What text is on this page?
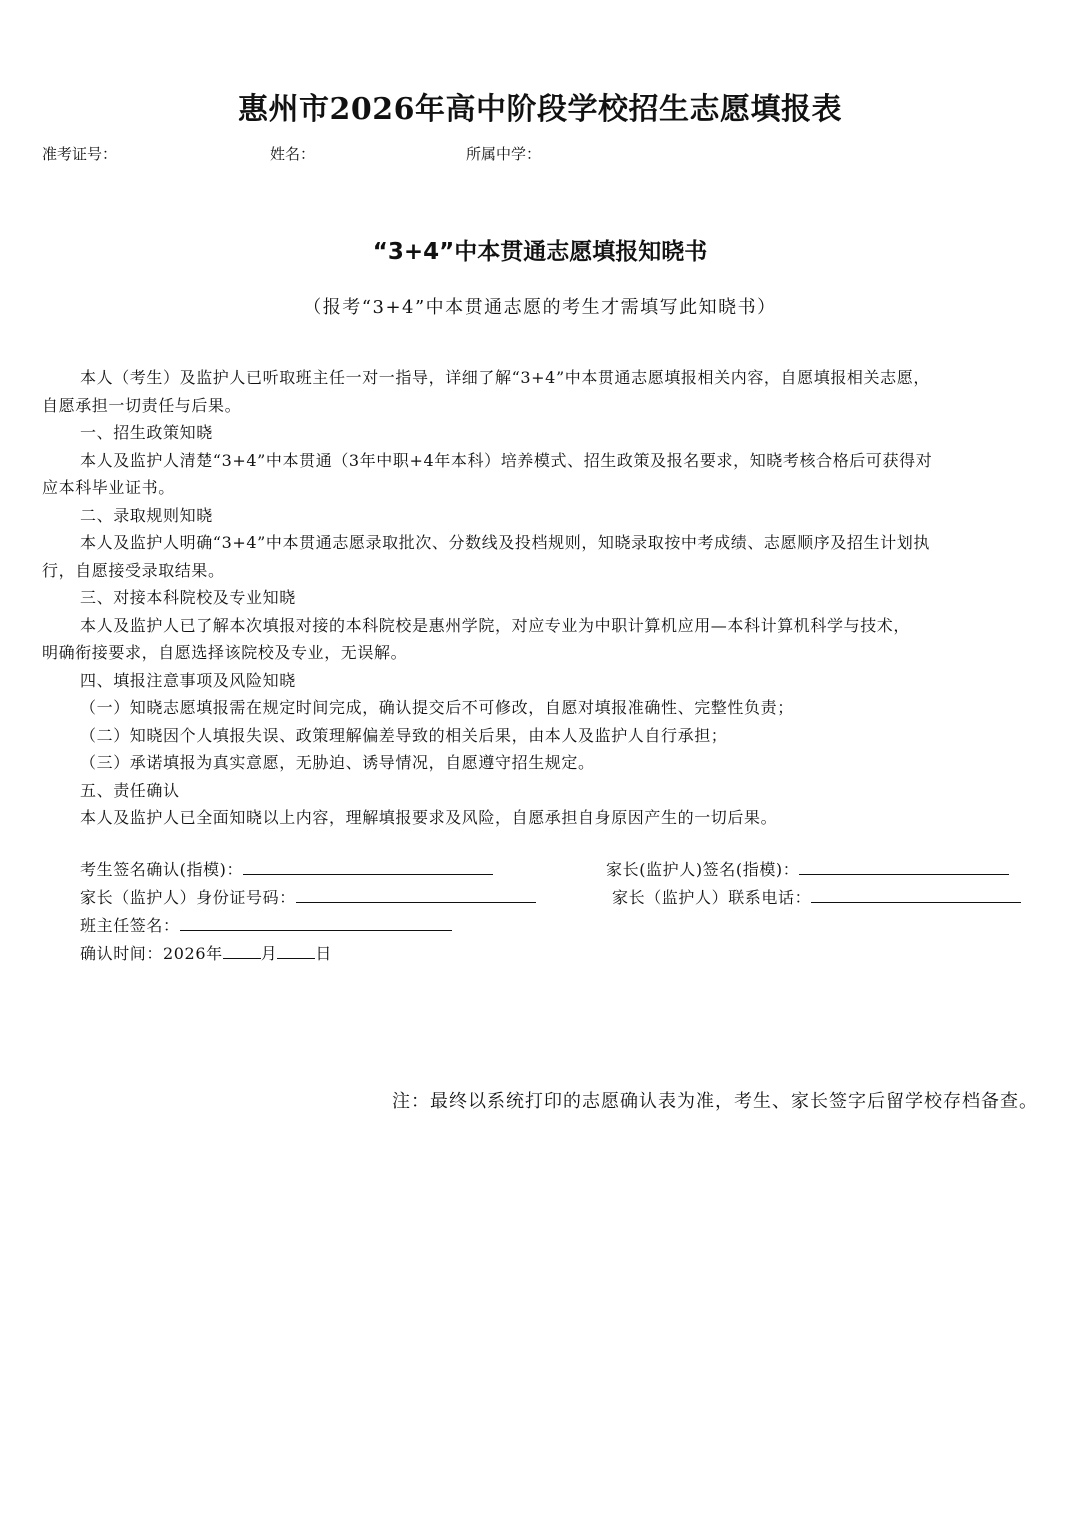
惠州市2026年高中阶段学校招生志愿填报表
准考证号：	姓名：	所属中学：
“3+4”中本贯通志愿填报知晓书
（报考“3+4”中本贯通志愿的考生才需填写此知晓书）

本人（考生）及监护人已听取班主任一对一指导，详细了解“3+4”中本贯通志愿填报相关内容，自愿填报相关志愿，

自愿承担一切责任与后果。

一、招生政策知晓

本人及监护人清楚“3+4”中本贯通（3年中职+4年本科）培养模式、招生政策及报名要求，知晓考核合格后可获得对

应本科毕业证书。

二、录取规则知晓

本人及监护人明确“3+4”中本贯通志愿录取批次、分数线及投档规则，知晓录取按中考成绩、志愿顺序及招生计划执

行，自愿接受录取结果。

三、对接本科院校及专业知晓

本人及监护人已了解本次填报对接的本科院校是惠州学院，对应专业为中职计算机应用—本科计算机科学与技术，

明确衔接要求，自愿选择该院校及专业，无误解。

四、填报注意事项及风险知晓

（一）知晓志愿填报需在规定时间完成，确认提交后不可修改，自愿对填报准确性、完整性负责；

（二）知晓因个人填报失误、政策理解偏差导致的相关后果，由本人及监护人自行承担；

（三）承诺填报为真实意愿，无胁迫、诱导情况，自愿遵守招生规定。

五、责任确认

本人及监护人已全面知晓以上内容，理解填报要求及风险，自愿承担自身原因产生的一切后果。

考生签名确认(指模)：	家长(监护人)签名(指模)：
家长（监护人）身份证号码：	家长（监护人）联系电话：
班主任签名：
确认时间：2026年 月 日
注：最终以系统打印的志愿确认表为准，考生、家长签字后留学校存档备查。
